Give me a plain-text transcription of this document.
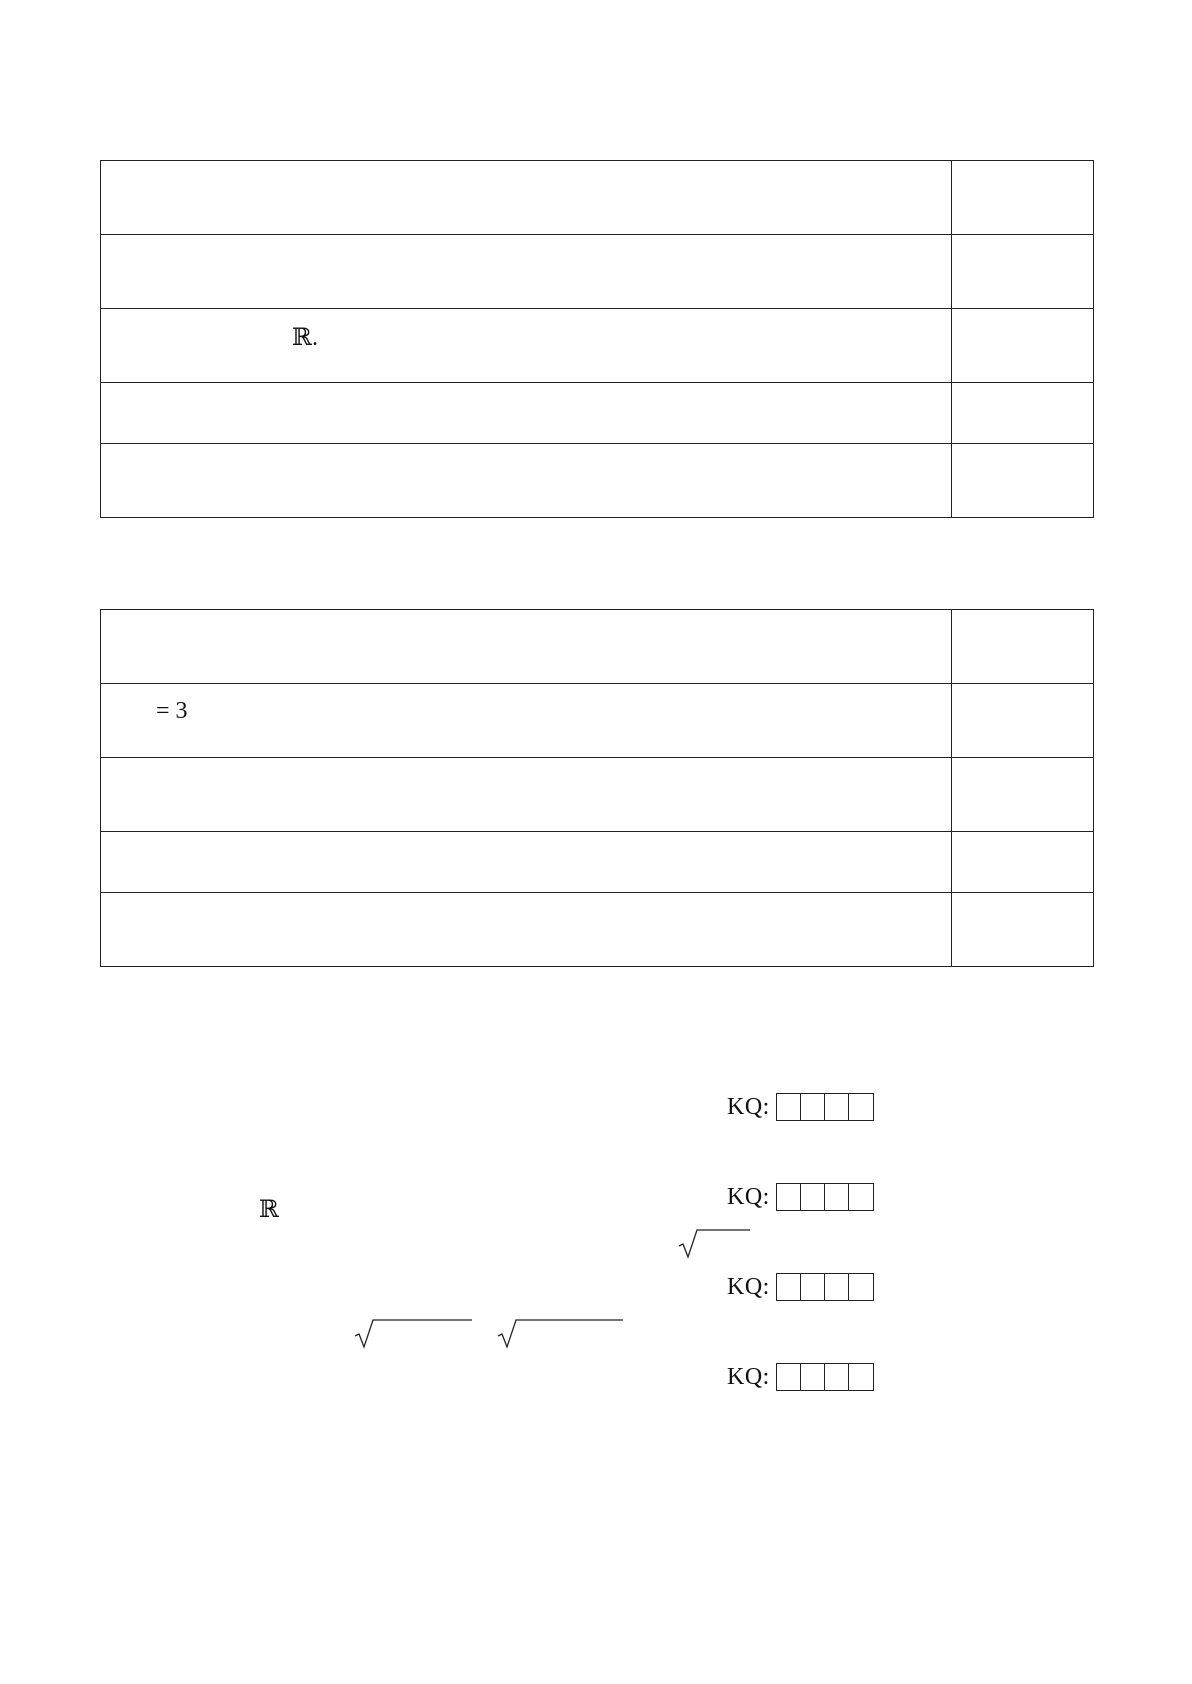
ℝ.	

= 3	

KQ:
KQ:
KQ:
KQ:
ℝ
